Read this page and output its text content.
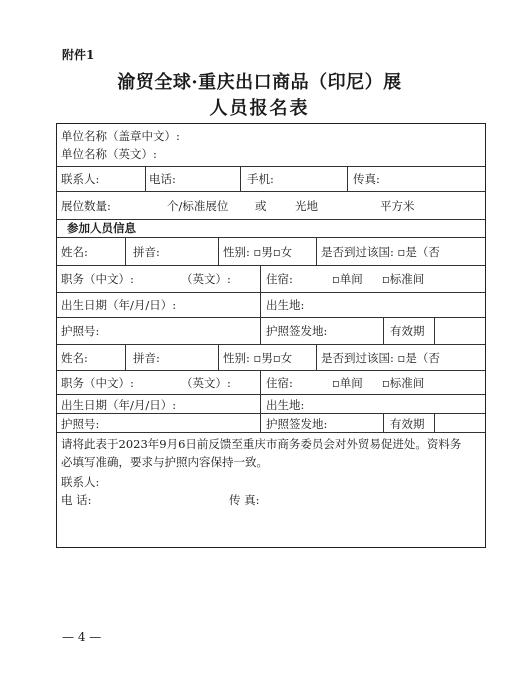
附件1
渝贸全球·重庆出口商品（印尼）展
人员报名表
单位名称（盖章中文）:
单位名称（英文）:
联系人:	电话:	手机:	传真:
展位数量:	个/标准展位 或 光地	平方米
参加人员信息
姓名:	拼音:	性别: ▫男▫女	是否到过该国: ▫是（否
职务（中文）:	（英文）:	住宿:	▫单间 ▫标准间
出生日期（年/月/日）:	出生地:
护照号:	护照签发地:	有效期
姓名:	拼音:	性别: ▫男▫女	是否到过该国: ▫是（否
职务（中文）:	（英文）:	住宿:	▫单间 ▫标准间
出生日期（年/月/日）:	出生地:
护照号:	护照签发地:	有效期
请将此表于2023年9月6日前反馈至重庆市商务委员会对外贸易促进处。资料务
必填写准确，要求与护照内容保持一致。
联系人:
电 话:	传 真:
— 4 —
